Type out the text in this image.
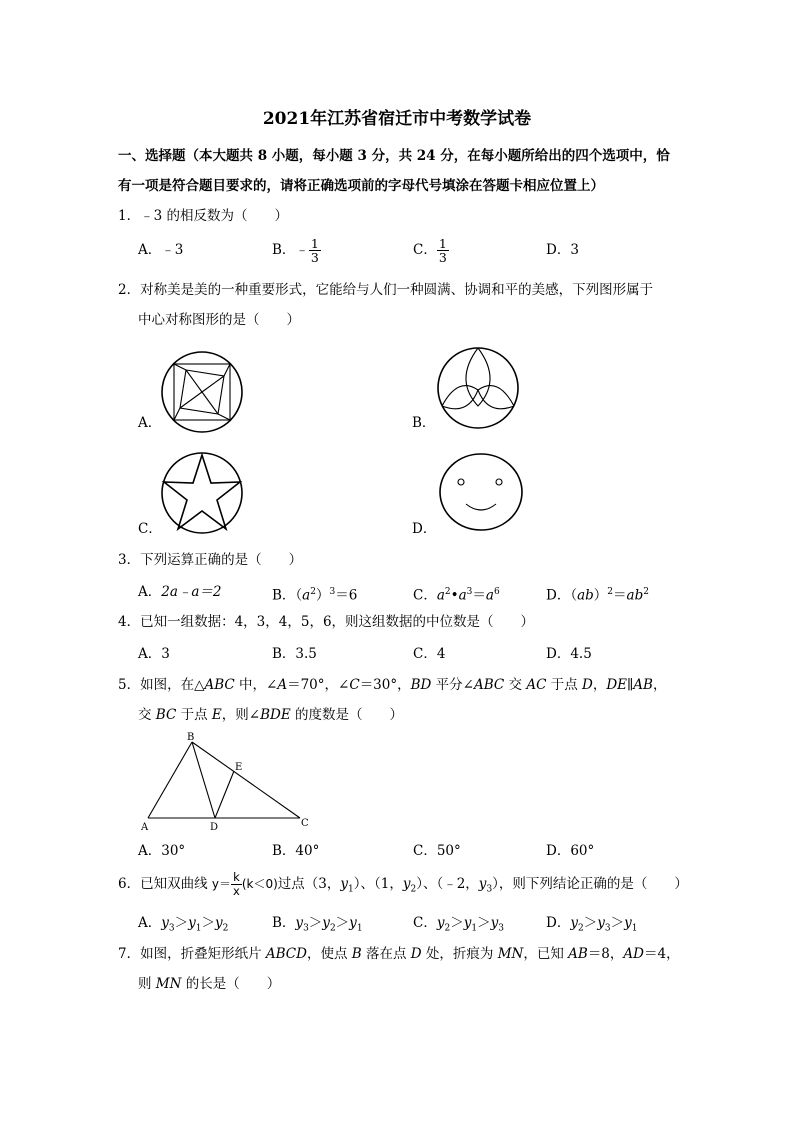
2021年江苏省宿迁市中考数学试卷
一、选择题（本大题共 8 小题，每小题 3 分，共 24 分，在每小题所给出的四个选项中，恰
有一项是符合题目要求的，请将正确选项前的字母代号填涂在答题卡相应位置上）
1．﹣3 的相反数为（　　）
A．﹣3	B．﹣ $\frac{1}{3}$	C． $\frac{1}{3}$	D．3
2．对称美是美的一种重要形式，它能给与人们一种圆满、协调和平的美感，下列图形属于
中心对称图形的是（　　）
A．	B．
C．	D．
3．下列运算正确的是（　　）
A．2a﹣a＝2	B．$(a^2)^3=6$	C．$a^2•a^3=a^6$	D．$(ab)^2=ab^2$
4．已知一组数据：4，3，4，5，6，则这组数据的中位数是（　　）
A．3	B．3.5	C．4	D．4.5
5．如图，在△ABC 中，∠A＝70°，∠C＝30°，BD 平分∠ABC 交 AC 于点 D，DE∥AB，
交 BC 于点 E，则∠BDE 的度数是（　　）
B
E
A	D	C
A．30°	B．40°	C．50°	D．60°
6．已知双曲线 $y= \frac{k}{x} (k<0)$过点（3，$y_1$）、（1，$y_2$）、（﹣2，$y_3$），则下列结论正确的是（　　）
A．$y_3>y_1>y_2$	B．$y_3>y_2>y_1$	C．$y_2>y_1>y_3$	D．$y_2>y_3>y_1$
7．如图，折叠矩形纸片 ABCD，使点 B 落在点 D 处，折痕为 MN，已知 AB＝8，AD＝4，
则 MN 的长是（　　）
